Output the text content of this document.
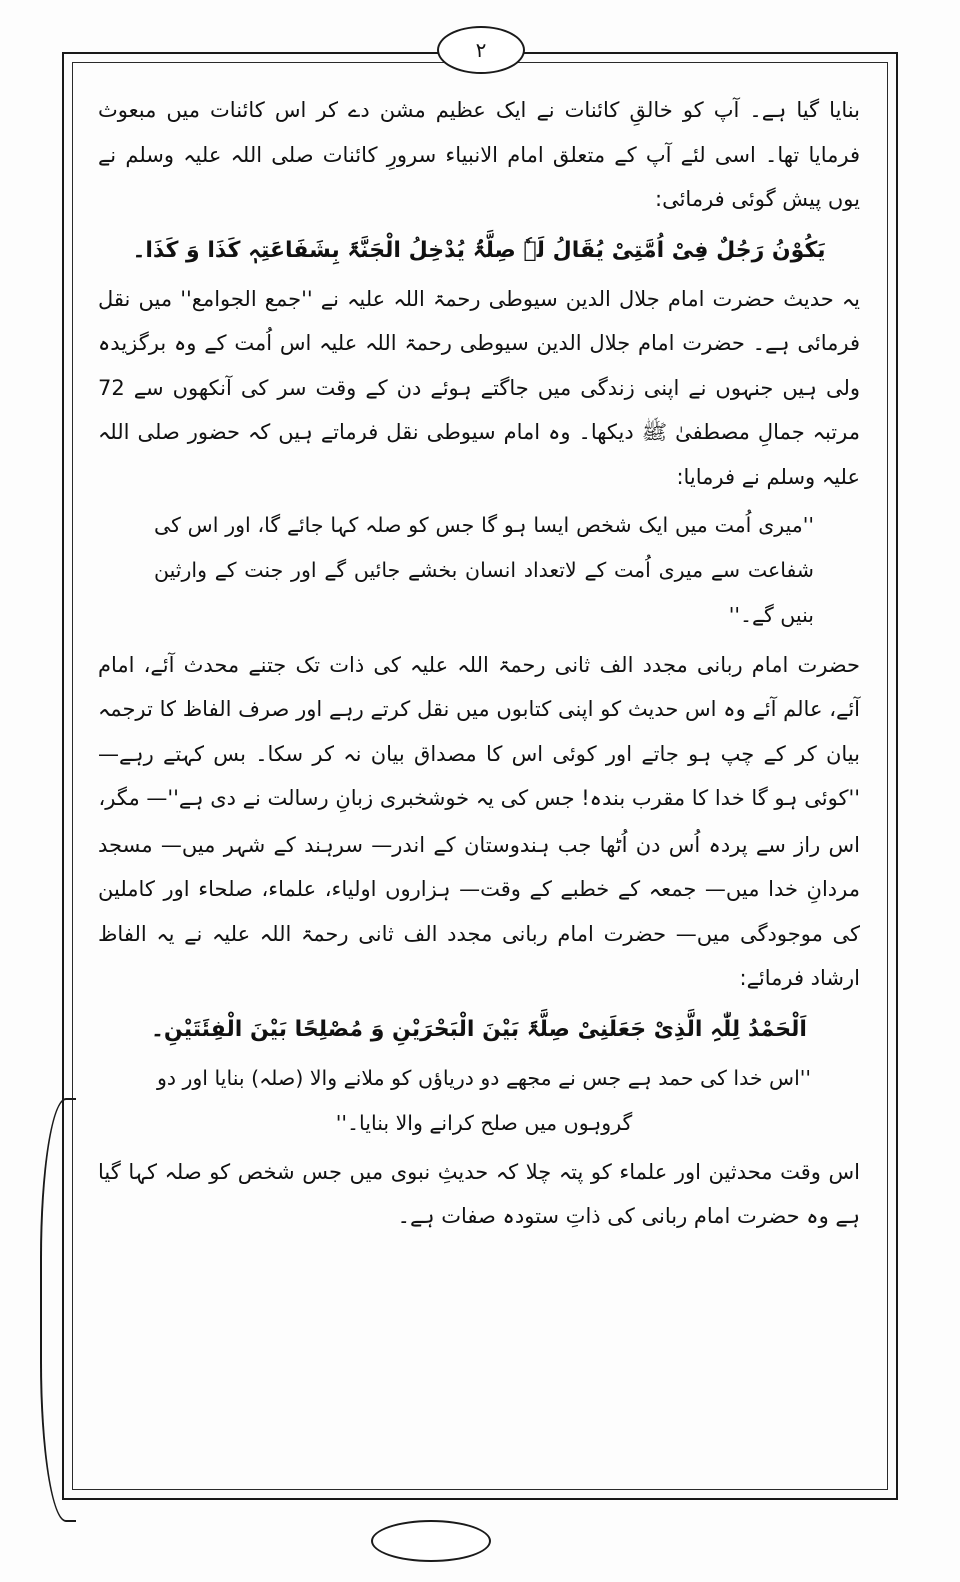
۲

بنایا گیا ہے۔ آپ کو خالقِ کائنات نے ایک عظیم مشن دے کر اس کائنات میں مبعوث فرمایا تھا۔ اسی لئے آپ کے متعلق امام الانبیاء سرورِ کائنات صلی اللہ علیہ وسلم نے یوں پیش گوئی فرمائی:

یَکُوْنُ رَجُلٌ فِیْ اُمَّتِیْ یُقَالُ لَہٗ صِلَّۃُ یُدْخِلُ الْجَنَّۃَ بِشَفَاعَتِہٖ کَذَا وَ کَذَا۔

یہ حدیث حضرت امام جلال الدین سیوطی رحمۃ اللہ علیہ نے ''جمع الجوامع'' میں نقل فرمائی ہے۔ حضرت امام جلال الدین سیوطی رحمۃ اللہ علیہ اس اُمت کے وہ برگزیدہ ولی ہیں جنہوں نے اپنی زندگی میں جاگتے ہوئے دن کے وقت سر کی آنکھوں سے 72 مرتبہ جمالِ مصطفیٰ ﷺ دیکھا۔ وہ امام سیوطی نقل فرماتے ہیں کہ حضور صلی اللہ علیہ وسلم نے فرمایا:

''میری اُمت میں ایک شخص ایسا ہو گا جس کو صلہ کہا جائے گا، اور اس کی شفاعت سے میری اُمت کے لاتعداد انسان بخشے جائیں گے اور جنت کے وارثین بنیں گے۔''

حضرت امام ربانی مجدد الف ثانی رحمۃ اللہ علیہ کی ذات تک جتنے محدث آئے، امام آئے، عالم آئے وہ اس حدیث کو اپنی کتابوں میں نقل کرتے رہے اور صرف الفاظ کا ترجمہ بیان کر کے چپ ہو جاتے اور کوئی اس کا مصداق بیان نہ کر سکا۔ بس کہتے رہے— ''کوئی ہو گا خدا کا مقرب بندہ! جس کی یہ خوشخبری زبانِ رسالت نے دی ہے''— مگر،

اس راز سے پردہ اُس دن اُٹھا جب ہندوستان کے اندر— سرہند کے شہر میں— مسجد مردانِ خدا میں— جمعہ کے خطبے کے وقت— ہزاروں اولیاء، علماء، صلحاء اور کاملین کی موجودگی میں— حضرت امام ربانی مجدد الف ثانی رحمۃ اللہ علیہ نے یہ الفاظ ارشاد فرمائے:

اَلْحَمْدُ لِلّٰہِ الَّذِیْ جَعَلَنِیْ صِلَّۃَ بَیْنَ الْبَحْرَیْنِ وَ مُصْلِحًا بَیْنَ الْفِئَتَیْنِ۔

''اس خدا کی حمد ہے جس نے مجھے دو دریاؤں کو ملانے والا (صلہ) بنایا اور دو گروہوں میں صلح کرانے والا بنایا۔''

اس وقت محدثین اور علماء کو پتہ چلا کہ حدیثِ نبوی میں جس شخص کو صلہ کہا گیا ہے وہ حضرت امام ربانی کی ذاتِ ستودہ صفات ہے۔
